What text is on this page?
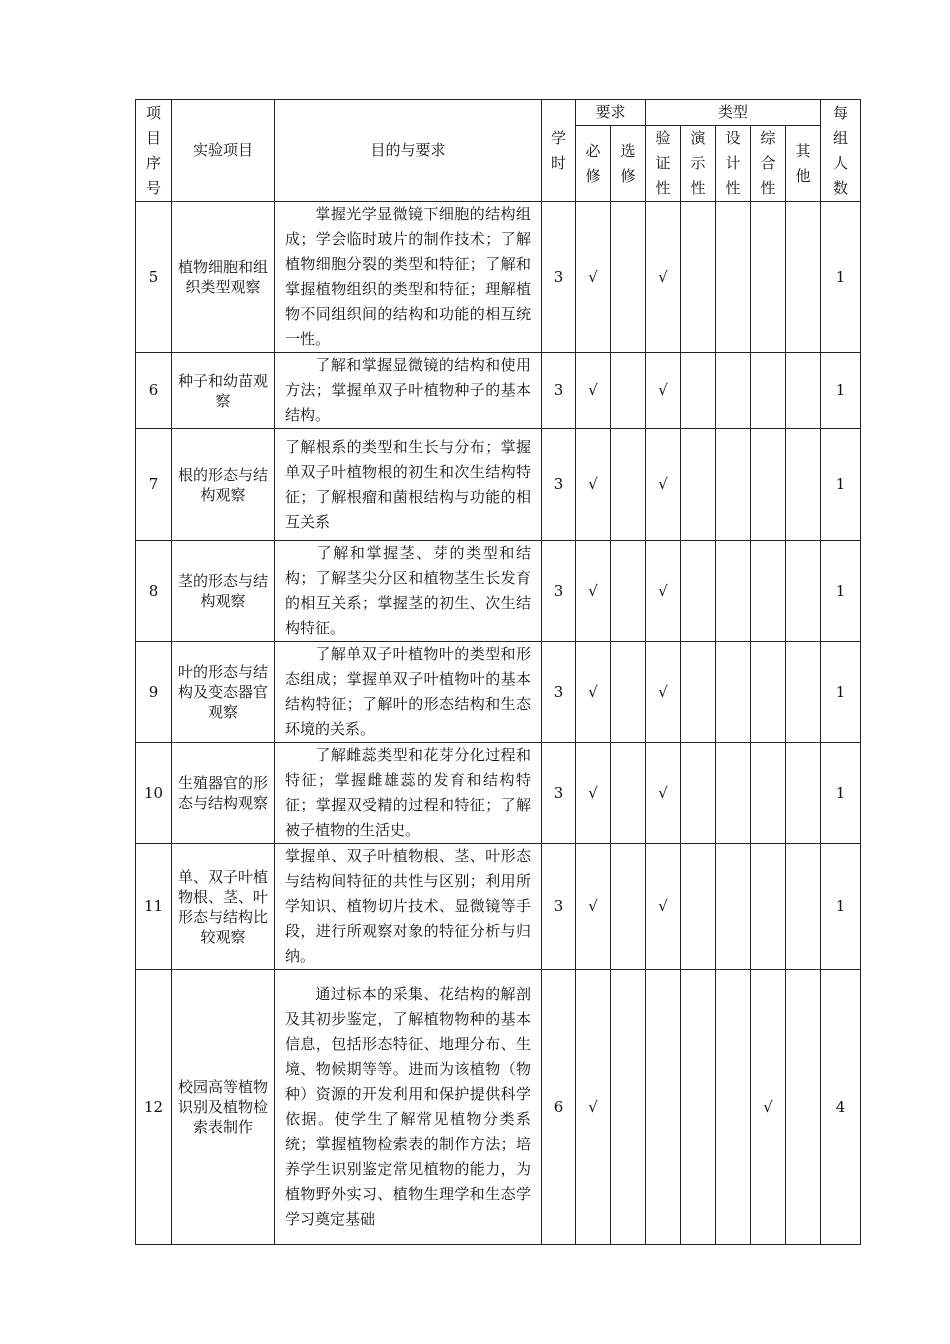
项目序号	实验项目	目的与要求	学时	要求		类型					每组人数

				必修	选修	验证性	演示性	设计性	综合性	其他	

5	植物细胞和组织类型观察	掌握光学显微镜下细胞的结构组成；学会临时玻片的制作技术；了解植物细胞分裂的类型和特征；了解和掌握植物组织的类型和特征；理解植物不同组织间的结构和功能的相互统一性。	3	√		√					1
6	种子和幼苗观察	了解和掌握显微镜的结构和使用方法；掌握单双子叶植物种子的基本结构。	3	√		√					1
7	根的形态与结构观察	了解根系的类型和生长与分布；掌握单双子叶植物根的初生和次生结构特征；了解根瘤和菌根结构与功能的相互关系	3	√		√					1
8	茎的形态与结构观察	了解和掌握茎、芽的类型和结构；了解茎尖分区和植物茎生长发育的相互关系；掌握茎的初生、次生结构特征。	3	√		√					1
9	叶的形态与结构及变态器官观察	了解单双子叶植物叶的类型和形态组成；掌握单双子叶植物叶的基本结构特征；了解叶的形态结构和生态环境的关系。	3	√		√					1
10	生殖器官的形态与结构观察	了解雌蕊类型和花芽分化过程和特征；掌握雌雄蕊的发育和结构特征；掌握双受精的过程和特征；了解被子植物的生活史。	3	√		√					1
11	单、双子叶植物根、茎、叶形态与结构比较观察	掌握单、双子叶植物根、茎、叶形态与结构间特征的共性与区别；利用所学知识、植物切片技术、显微镜等手段，进行所观察对象的特征分析与归纳。	3	√		√					1
12	校园高等植物识别及植物检索表制作	通过标本的采集、花结构的解剖及其初步鉴定，了解植物物种的基本信息，包括形态特征、地理分布、生境、物候期等等。进而为该植物（物种）资源的开发利用和保护提供科学依据。使学生了解常见植物分类系统；掌握植物检索表的制作方法；培养学生识别鉴定常见植物的能力，为植物野外实习、植物生理学和生态学学习奠定基础	6	√					√		4
